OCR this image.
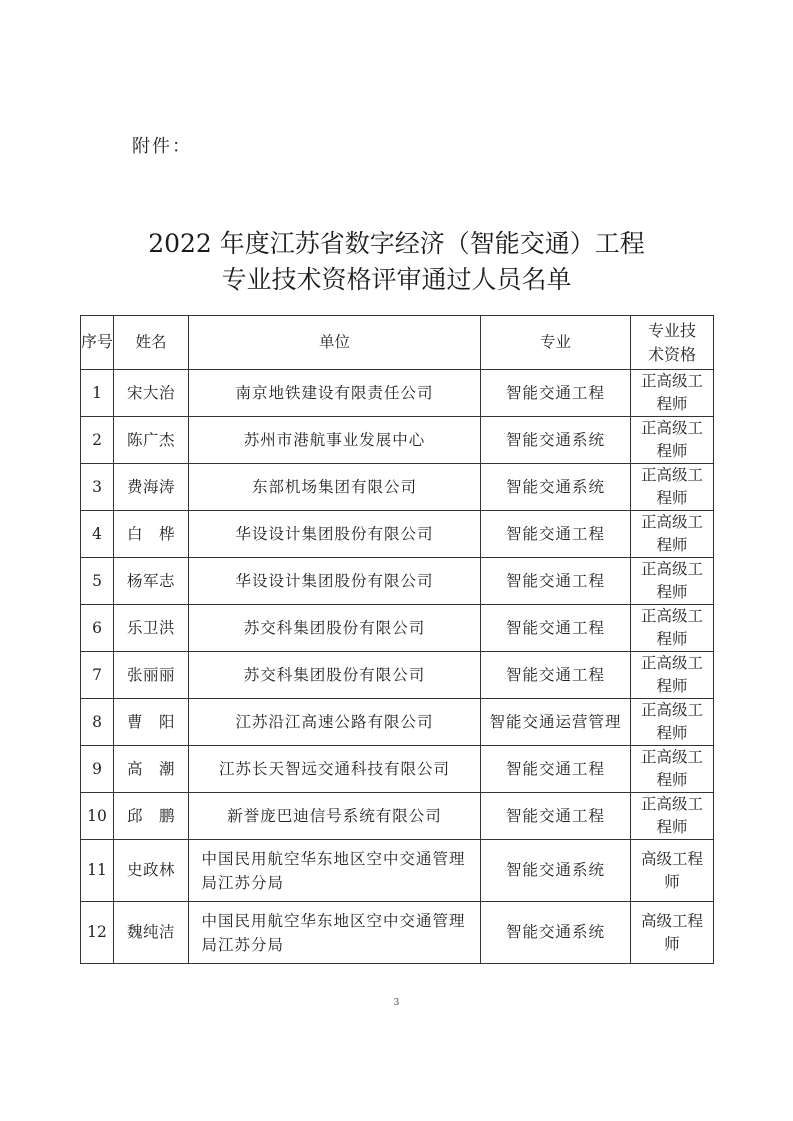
附件：
2022 年度江苏省数字经济（智能交通）工程
专业技术资格评审通过人员名单
序号	姓名	单位	专业	专业技术资格
1	宋大治	南京地铁建设有限责任公司	智能交通工程	正高级工程师
2	陈广杰	苏州市港航事业发展中心	智能交通系统	正高级工程师
3	费海涛	东部机场集团有限公司	智能交通系统	正高级工程师
4	白　桦	华设设计集团股份有限公司	智能交通工程	正高级工程师
5	杨军志	华设设计集团股份有限公司	智能交通工程	正高级工程师
6	乐卫洪	苏交科集团股份有限公司	智能交通工程	正高级工程师
7	张丽丽	苏交科集团股份有限公司	智能交通工程	正高级工程师
8	曹　阳	江苏沿江高速公路有限公司	智能交通运营管理	正高级工程师
9	高　潮	江苏长天智远交通科技有限公司	智能交通工程	正高级工程师
10	邱　鹏	新誉庞巴迪信号系统有限公司	智能交通工程	正高级工程师
11	史政林	中国民用航空华东地区空中交通管理局江苏分局	智能交通系统	高级工程师
12	魏纯洁	中国民用航空华东地区空中交通管理局江苏分局	智能交通系统	高级工程师
3
